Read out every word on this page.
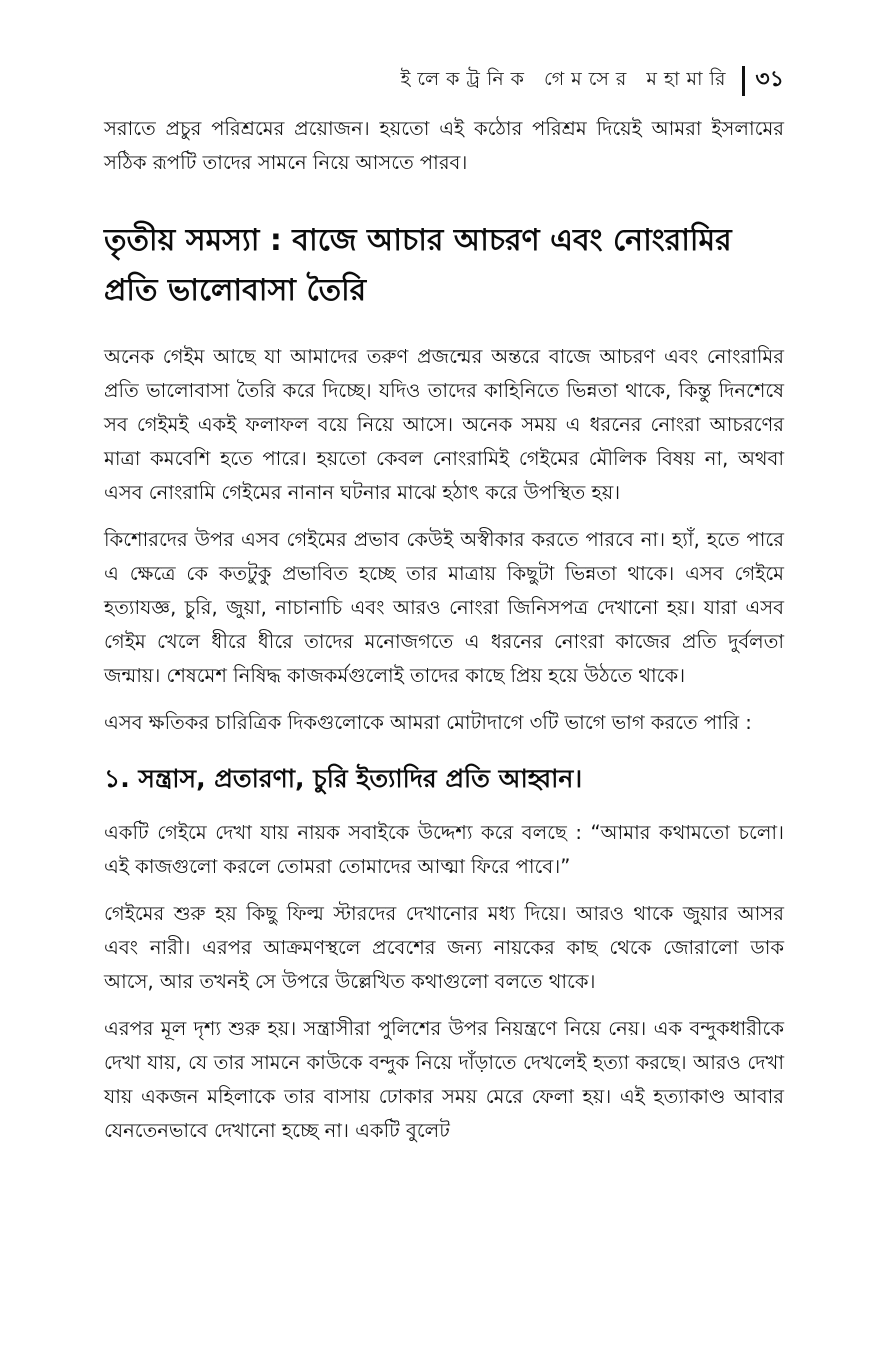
ইলেকট্রনিক গেমসের মহামারি ৩১

সরাতে প্রচুর পরিশ্রমের প্রয়োজন। হয়তো এই কঠোর পরিশ্রম দিয়েই আমরা ইসলামের সঠিক রূপটি তাদের সামনে নিয়ে আসতে পারব।

তৃতীয় সমস্যা : বাজে আচার আচরণ এবং নোংরামির প্রতি ভালোবাসা তৈরি

অনেক গেইম আছে যা আমাদের তরুণ প্রজন্মের অন্তরে বাজে আচরণ এবং নোংরামির প্রতি ভালোবাসা তৈরি করে দিচ্ছে। যদিও তাদের কাহিনিতে ভিন্নতা থাকে, কিন্তু দিনশেষে সব গেইমই একই ফলাফল বয়ে নিয়ে আসে। অনেক সময় এ ধরনের নোংরা আচরণের মাত্রা কমবেশি হতে পারে। হয়তো কেবল নোংরামিই গেইমের মৌলিক বিষয় না, অথবা এসব নোংরামি গেইমের নানান ঘটনার মাঝে হঠাৎ করে উপস্থিত হয়।

কিশোরদের উপর এসব গেইমের প্রভাব কেউই অস্বীকার করতে পারবে না। হ্যাঁ, হতে পারে এ ক্ষেত্রে কে কতটুকু প্রভাবিত হচ্ছে তার মাত্রায় কিছুটা ভিন্নতা থাকে। এসব গেইমে হত্যাযজ্ঞ, চুরি, জুয়া, নাচানাচি এবং আরও নোংরা জিনিসপত্র দেখানো হয়। যারা এসব গেইম খেলে ধীরে ধীরে তাদের মনোজগতে এ ধরনের নোংরা কাজের প্রতি দুর্বলতা জন্মায়। শেষমেশ নিষিদ্ধ কাজকর্মগুলোই তাদের কাছে প্রিয় হয়ে উঠতে থাকে।

এসব ক্ষতিকর চারিত্রিক দিকগুলোকে আমরা মোটাদাগে ৩টি ভাগে ভাগ করতে পারি :

১. সন্ত্রাস, প্রতারণা, চুরি ইত্যাদির প্রতি আহ্বান।

একটি গেইমে দেখা যায় নায়ক সবাইকে উদ্দেশ্য করে বলছে : “আমার কথামতো চলো। এই কাজগুলো করলে তোমরা তোমাদের আত্মা ফিরে পাবে।”

গেইমের শুরু হয় কিছু ফিল্ম স্টারদের দেখানোর মধ্য দিয়ে। আরও থাকে জুয়ার আসর এবং নারী। এরপর আক্রমণস্থলে প্রবেশের জন্য নায়কের কাছ থেকে জোরালো ডাক আসে, আর তখনই সে উপরে উল্লেখিত কথাগুলো বলতে থাকে।

এরপর মূল দৃশ্য শুরু হয়। সন্ত্রাসীরা পুলিশের উপর নিয়ন্ত্রণে নিয়ে নেয়। এক বন্দুকধারীকে দেখা যায়, যে তার সামনে কাউকে বন্দুক নিয়ে দাঁড়াতে দেখলেই হত্যা করছে। আরও দেখা যায় একজন মহিলাকে তার বাসায় ঢোকার সময় মেরে ফেলা হয়। এই হত্যাকাণ্ড আবার যেনতেনভাবে দেখানো হচ্ছে না। একটি বুলেট
